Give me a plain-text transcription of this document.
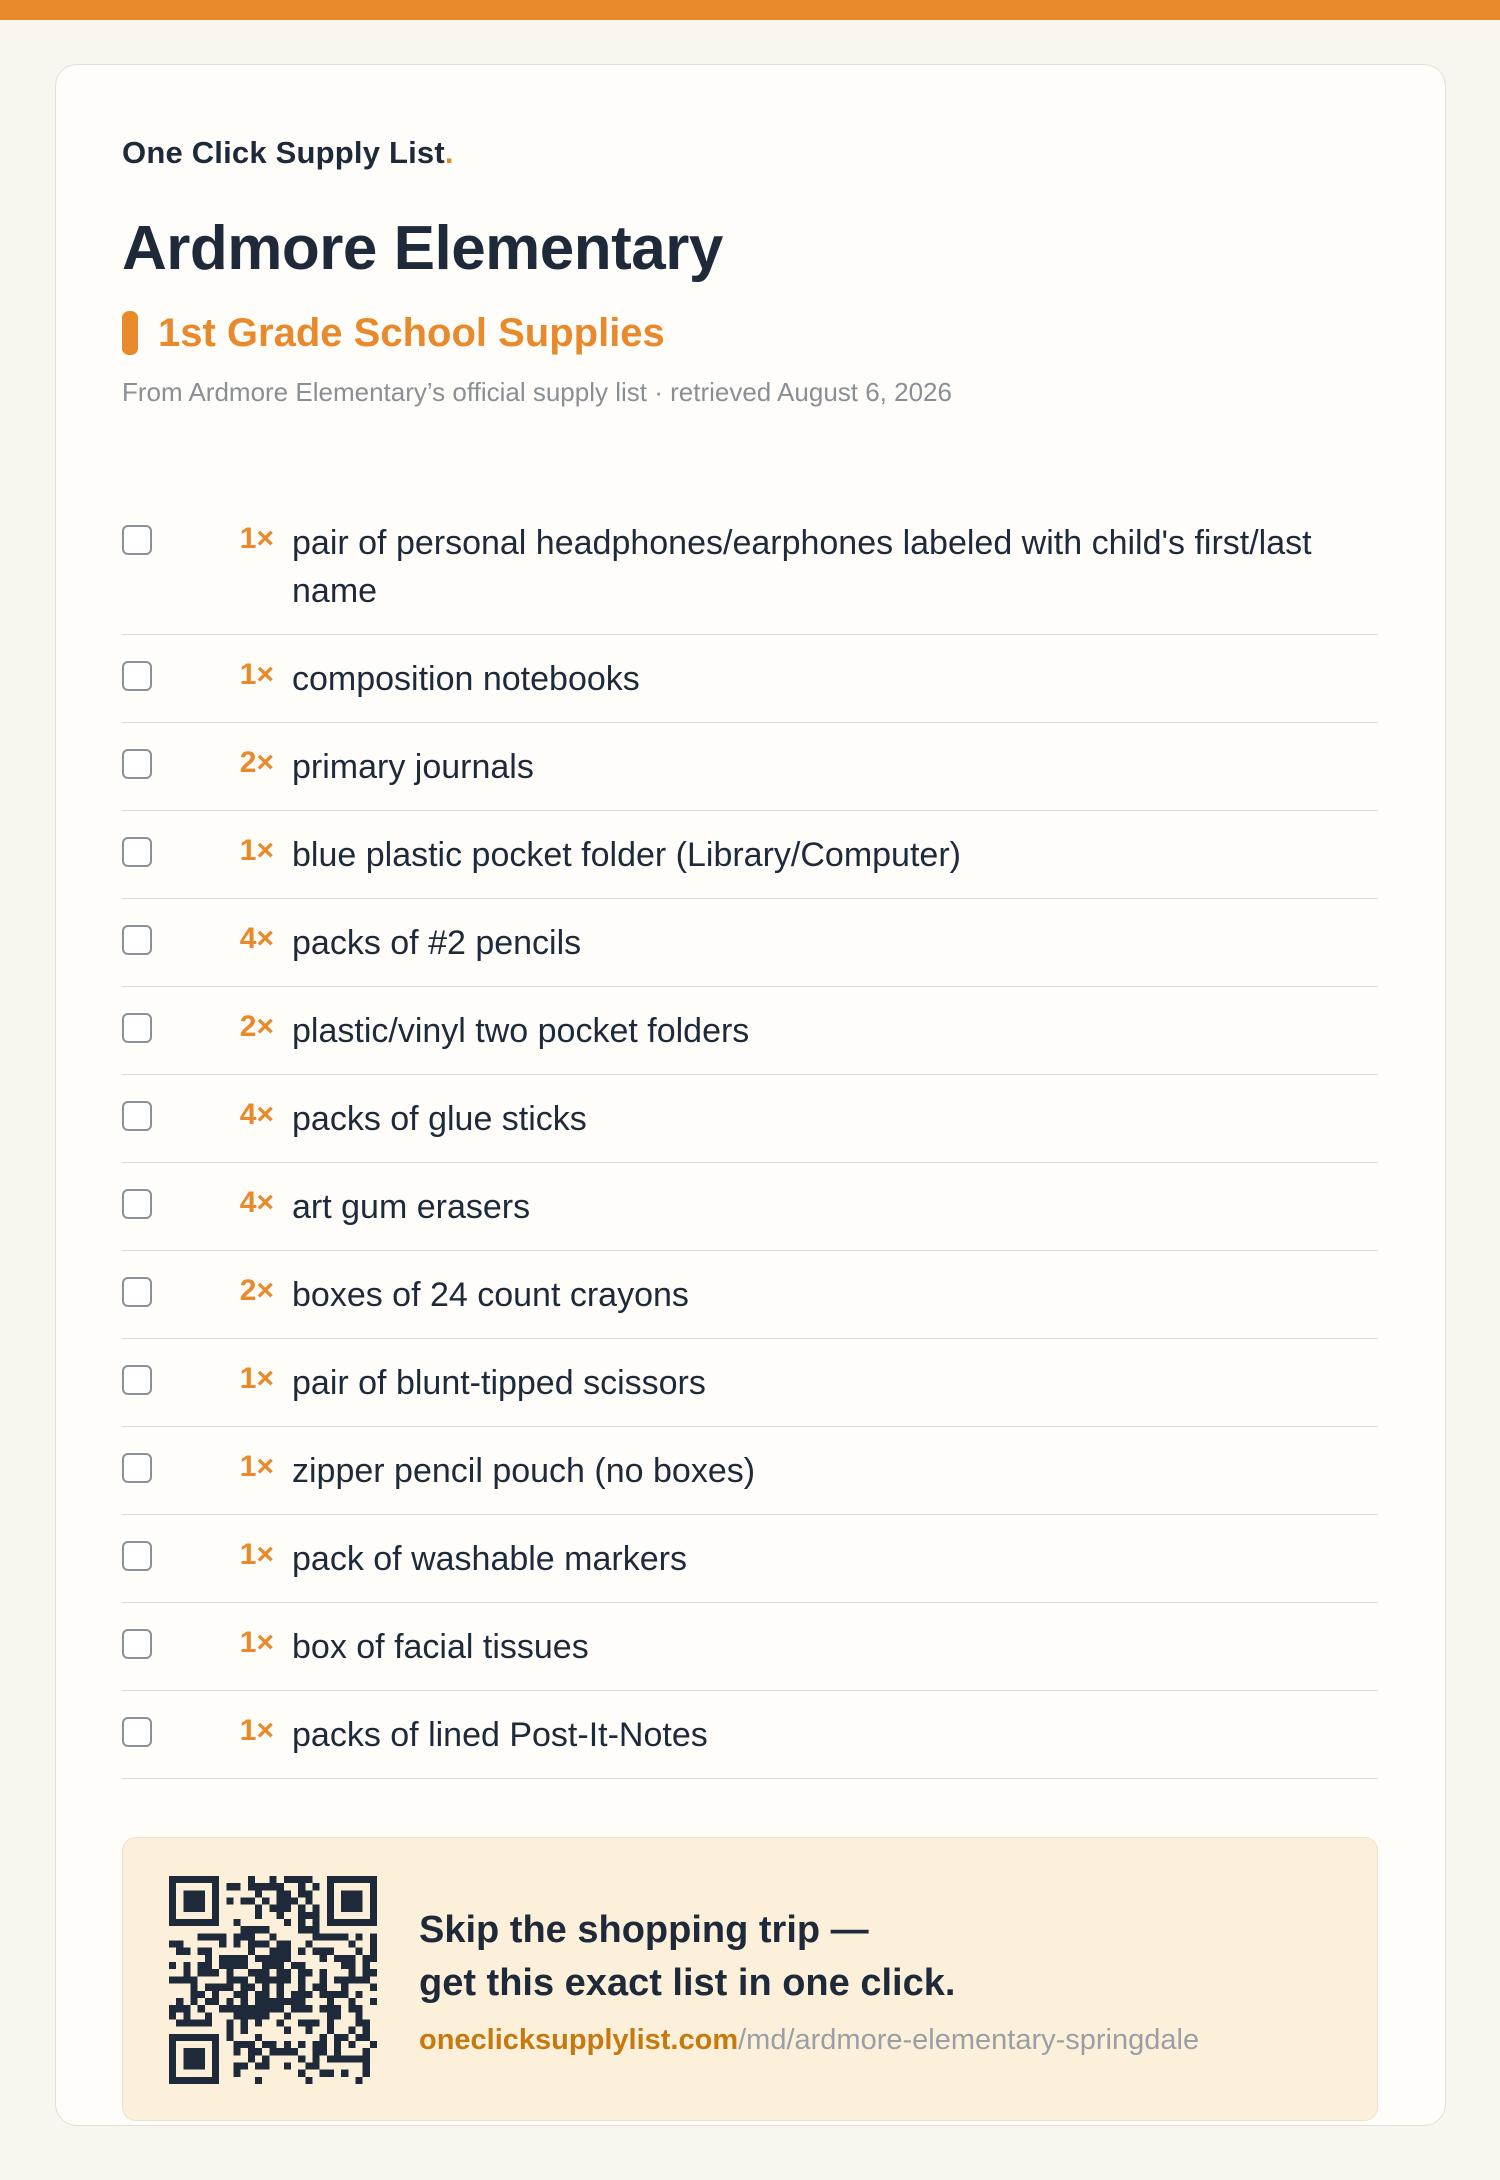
One Click Supply List.
Ardmore Elementary
1st Grade School Supplies
From Ardmore Elementary’s official supply list · retrieved August 6, 2026
1× pair of personal headphones/earphones labeled with child's first/last name
1× composition notebooks
2× primary journals
1× blue plastic pocket folder (Library/Computer)
4× packs of #2 pencils
2× plastic/vinyl two pocket folders
4× packs of glue sticks
4× art gum erasers
2× boxes of 24 count crayons
1× pair of blunt-tipped scissors
1× zipper pencil pouch (no boxes)
1× pack of washable markers
1× box of facial tissues
1× packs of lined Post-It-Notes
Skip the shopping trip —
get this exact list in one click.
oneclicksupplylist.com/md/ardmore-elementary-springdale
